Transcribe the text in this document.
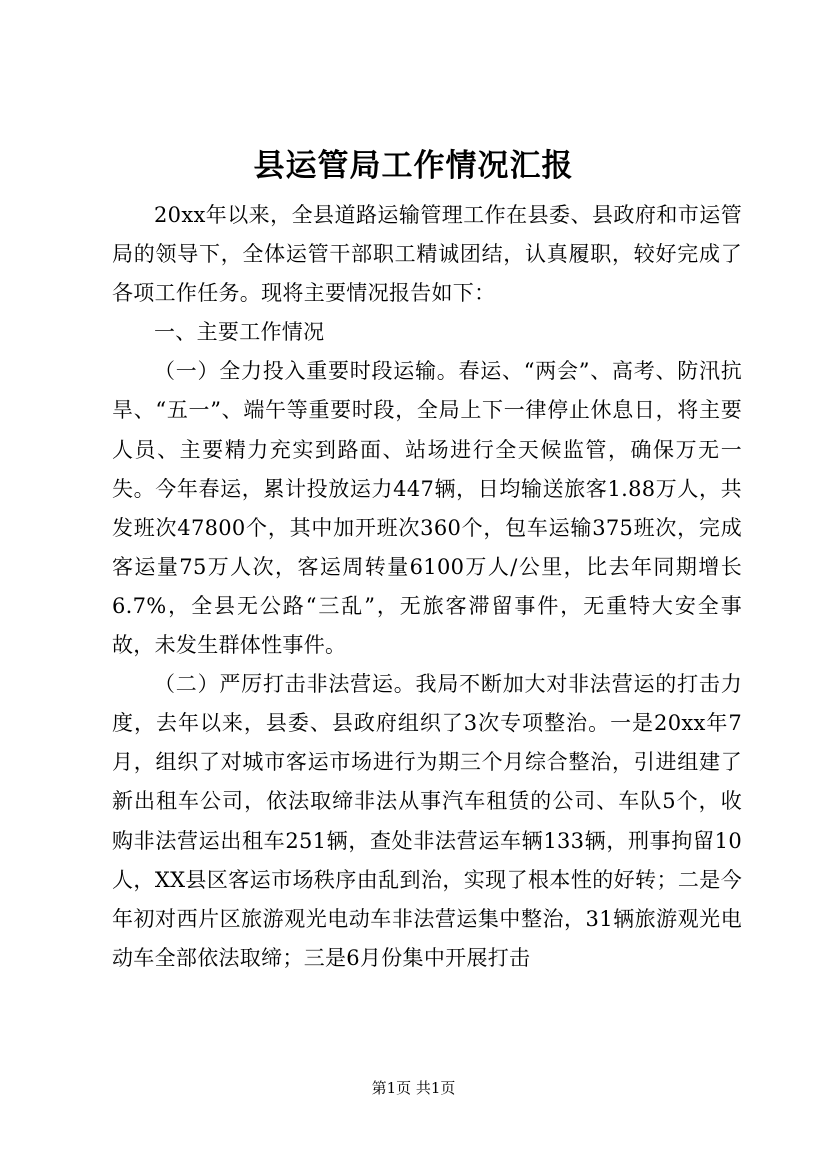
县运管局工作情况汇报

20xx年以来，全县道路运输管理工作在县委、县政府和市运管局的领导下，全体运管干部职工精诚团结，认真履职，较好完成了各项工作任务。现将主要情况报告如下：

一、主要工作情况

（一）全力投入重要时段运输。春运、“两会”、高考、防汛抗旱、“五一”、端午等重要时段，全局上下一律停止休息日，将主要人员、主要精力充实到路面、站场进行全天候监管，确保万无一失。今年春运，累计投放运力447辆，日均输送旅客1.88万人，共发班次47800个，其中加开班次360个，包车运输375班次，完成客运量75万人次，客运周转量6100万人/公里，比去年同期增长6.7%，全县无公路“三乱”，无旅客滞留事件，无重特大安全事故，未发生群体性事件。

（二）严厉打击非法营运。我局不断加大对非法营运的打击力度，去年以来，县委、县政府组织了3次专项整治。一是20xx年7月，组织了对城市客运市场进行为期三个月综合整治，引进组建了新出租车公司，依法取缔非法从事汽车租赁的公司、车队5个，收购非法营运出租车251辆，查处非法营运车辆133辆，刑事拘留10人，XX县区客运市场秩序由乱到治，实现了根本性的好转；二是今年初对西片区旅游观光电动车非法营运集中整治，31辆旅游观光电动车全部依法取缔；三是6月份集中开展打击

第1页 共1页
